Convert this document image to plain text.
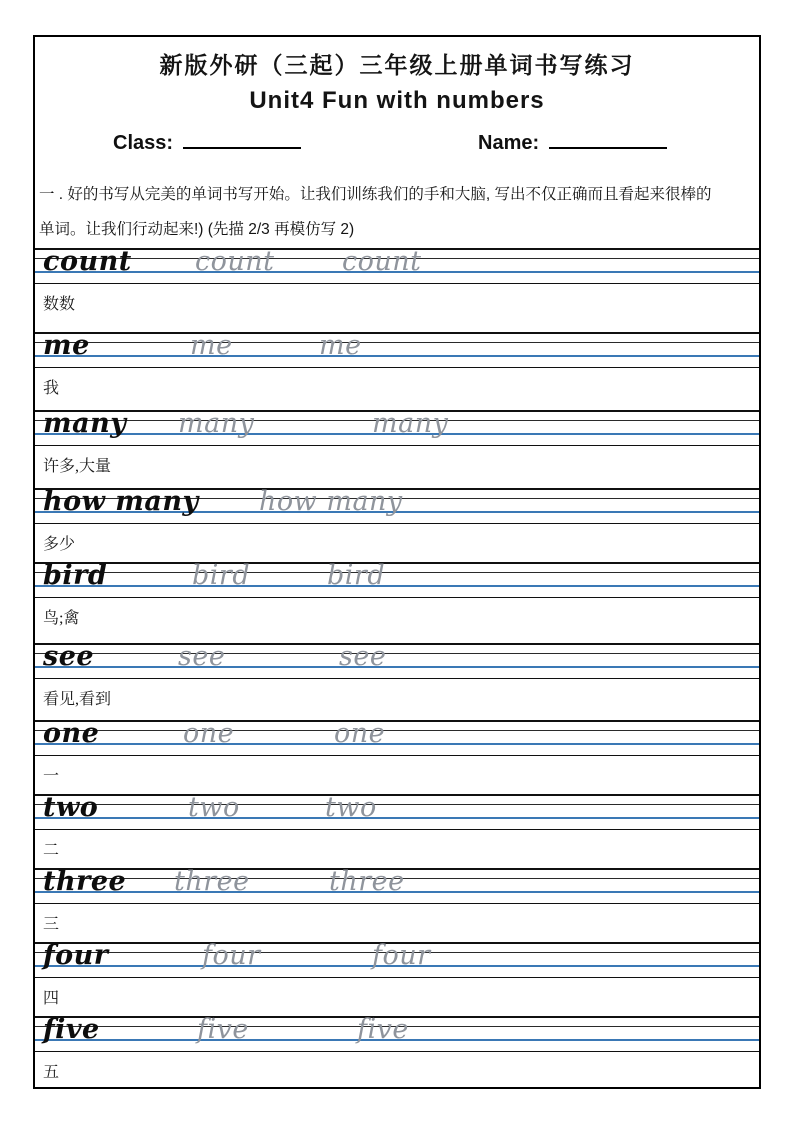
新版外研（三起）三年级上册单词书写练习
Unit4 Fun with numbers
Class:	Name:
一 . 好的书写从完美的单词书写开始。让我们训练我们的手和大脑, 写出不仅正确而且看起来很棒的
单词。让我们行动起来!) (先描 2/3 再模仿写 2)
count count count
数数
me	me	me
我
many many	many
许多,大量
how many how many
多少
bird	bird	bird
鸟;禽
see	see	see
看见,看到
one	one	one
一
two	two	two
二
three three	three
三
four	four	four
四
five	five	five
五
